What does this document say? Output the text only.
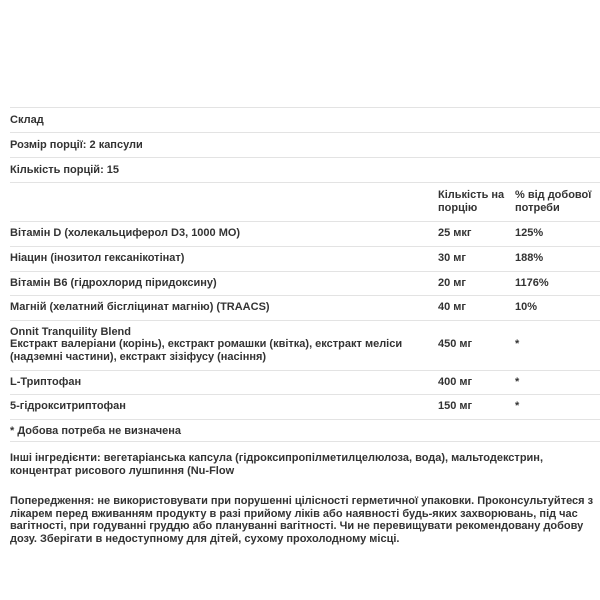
Склад
Розмір порції: 2 капсули
Кількість порцій: 15
Кількість на порцію
% від добової потреби
Вітамін D (холекальциферол D3, 1000 МО)	25 мкг	125%
Ніацин (інозитол гексанікотінат)	30 мг	188%
Вітамін B6 (гідрохлорид піридоксину)	20 мг	1176%
Магній (хелатний бісгліцинат магнію) (TRAACS)	40 мг	10%
Onnit Tranquility Blend
Екстракт валеріани (корінь), екстракт ромашки (квітка), екстракт меліси (надземні частини), екстракт зізіфусу (насіння)
450 мг	*
L-Триптофан	400 мг	*
5-гідрокситриптофан	150 мг	*
* Добова потреба не визначена

Інші інгредієнти: вегетаріанська капсула (гідроксипропілметилцелюлоза, вода), мальтодекстрин, концентрат рисового лушпиння (Nu-Flow

Попередження: не використовувати при порушенні цілісності герметичної упаковки. Проконсультуйтеся з лікарем перед вживанням продукту в разі прийому ліків або наявності будь-яких захворювань, під час вагітності, при годуванні груддю або плануванні вагітності. Чи не перевищувати рекомендовану добову дозу. Зберігати в недоступному для дітей, сухому прохолодному місці.
